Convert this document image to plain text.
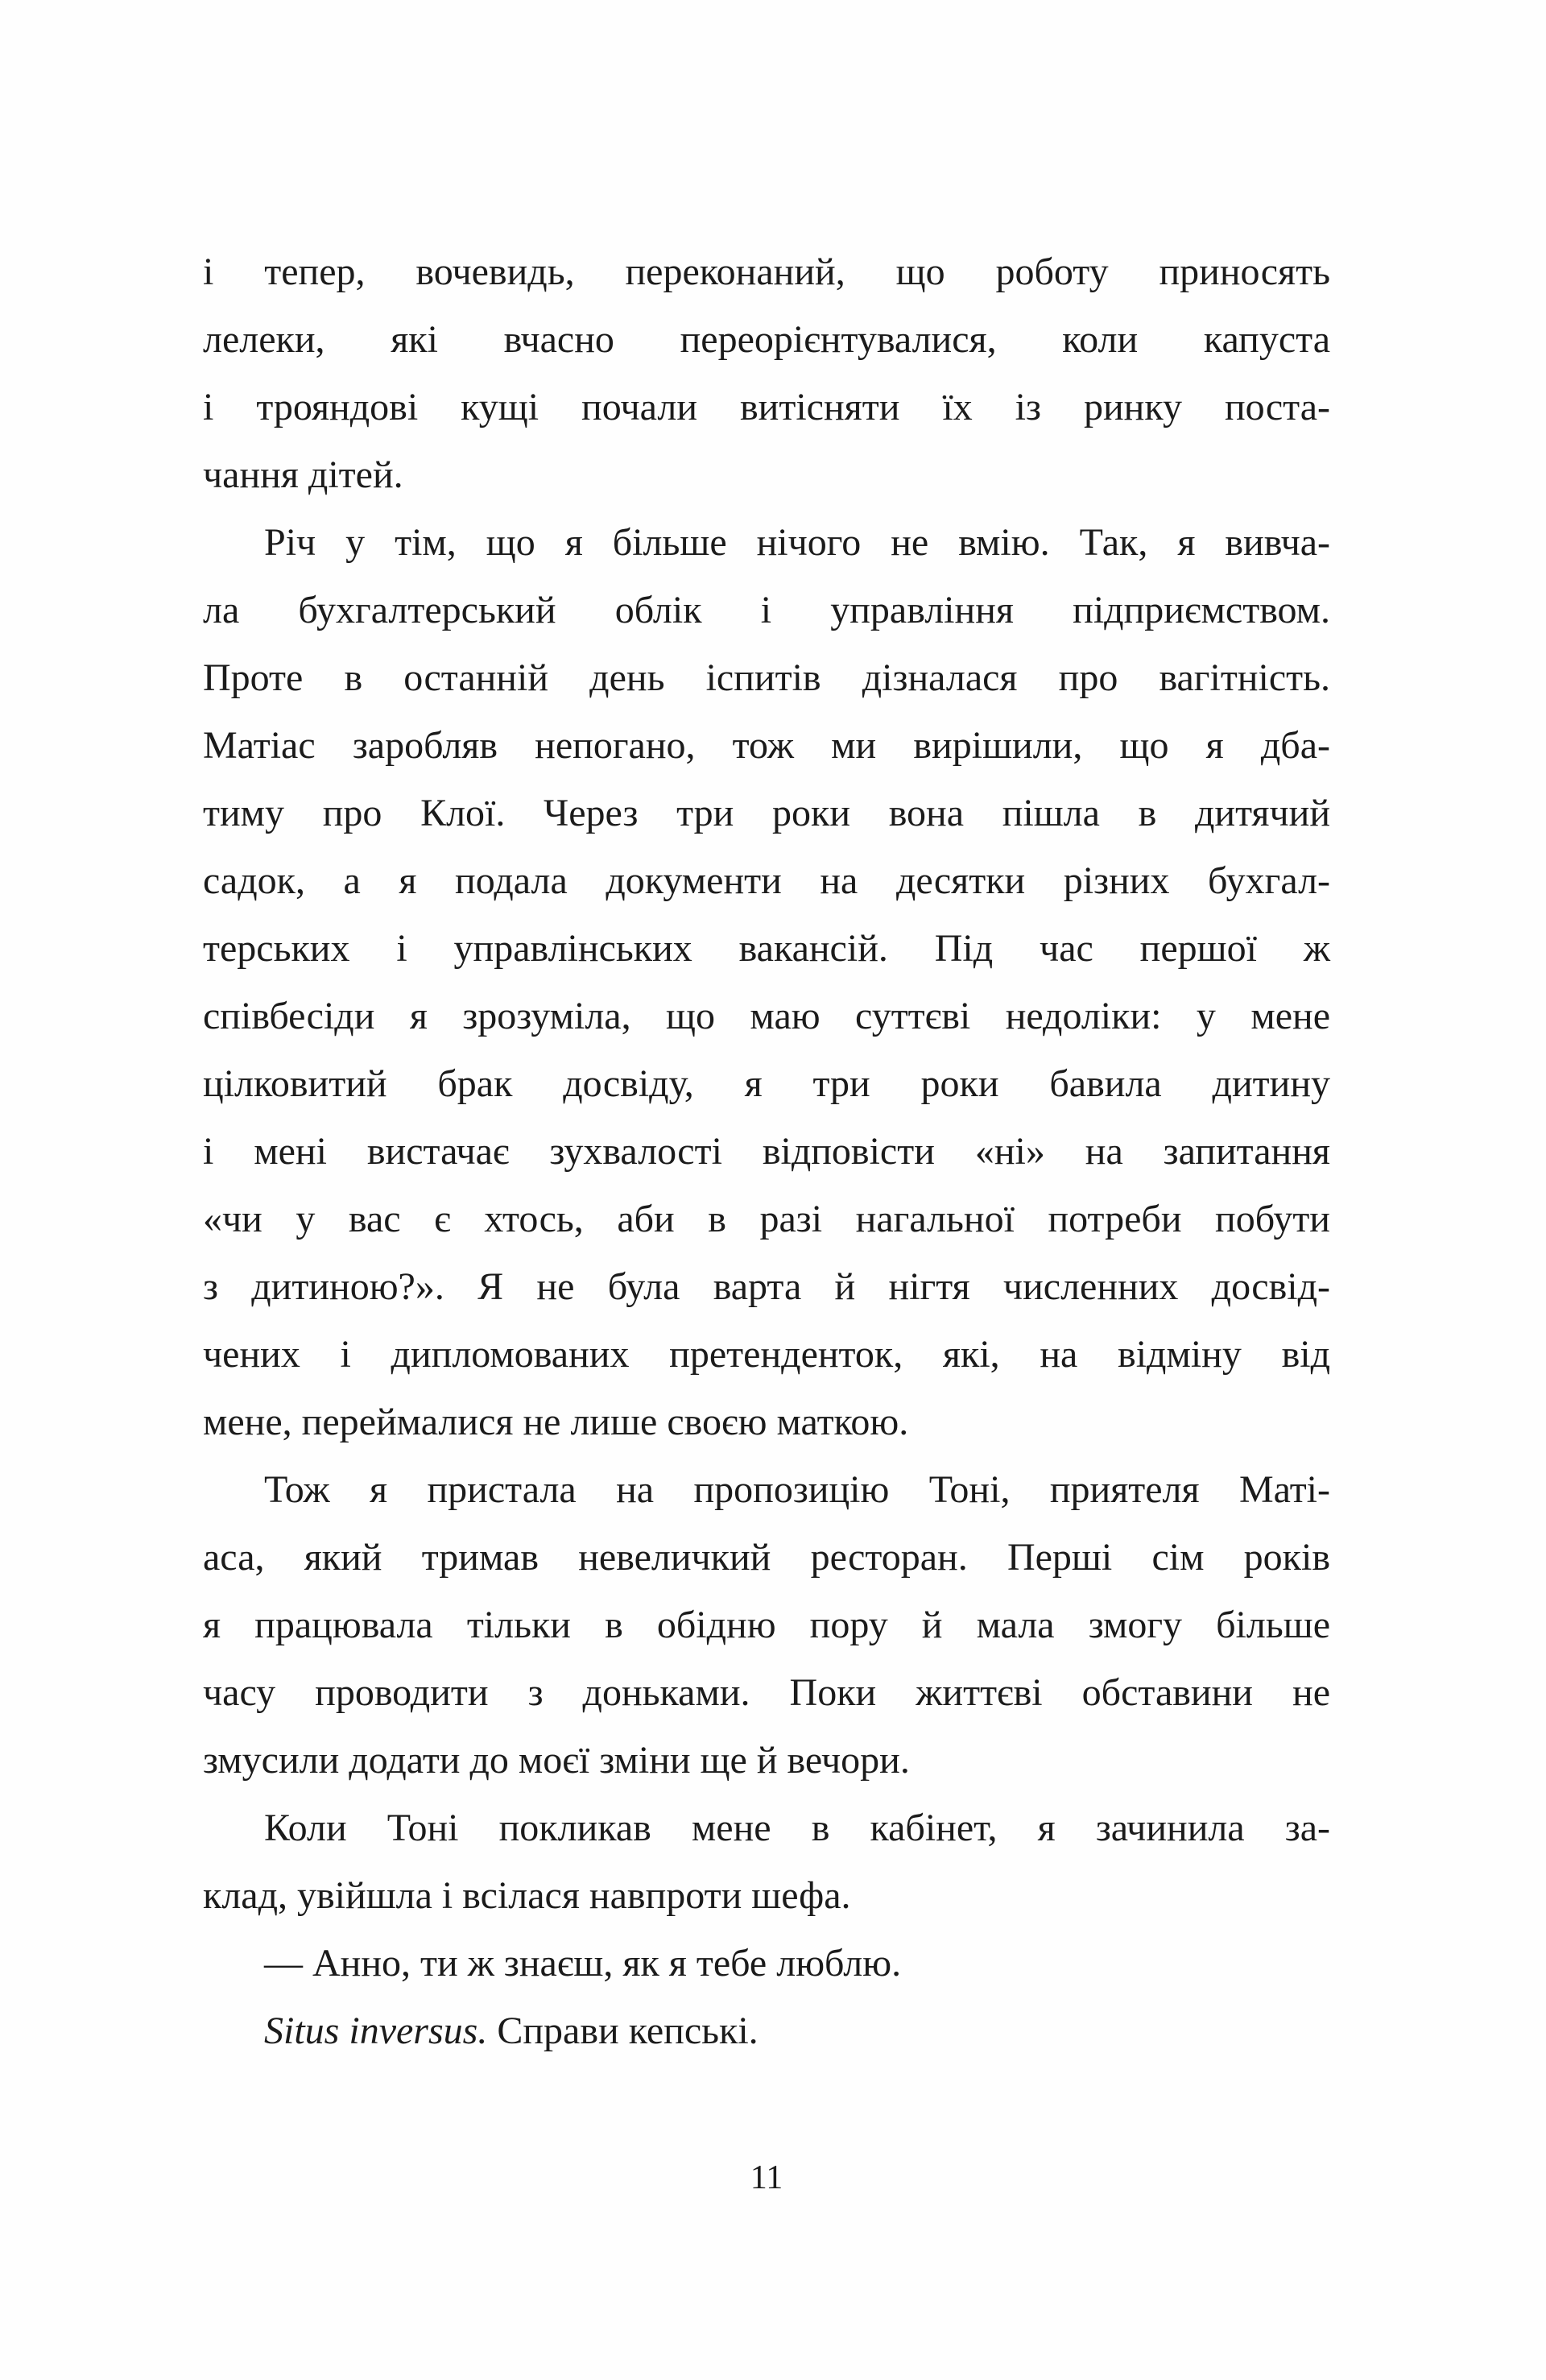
і тепер, вочевидь, переконаний, що роботу приносять
лелеки, які вчасно переорієнтувалися, коли капуста
і трояндові кущі почали витісняти їх із ринку поста-
чання дітей.
Річ у тім, що я більше нічого не вмію. Так, я вивча-
ла бухгалтерський облік і управління підприємством.
Проте в останній день іспитів дізналася про вагітність.
Матіас заробляв непогано, тож ми вирішили, що я дба-
тиму про Клої. Через три роки вона пішла в дитячий
садок, а я подала документи на десятки різних бухгал-
терських і управлінських вакансій. Під час першої ж
співбесіди я зрозуміла, що маю суттєві недоліки: у мене
цілковитий брак досвіду, я три роки бавила дитину
і мені вистачає зухвалості відповісти «ні» на запитання
«чи у вас є хтось, аби в разі нагальної потреби побути
з дитиною?». Я не була варта й нігтя численних досвід-
чених і дипломованих претенденток, які, на відміну від
мене, переймалися не лише своєю маткою.
Тож я пристала на пропозицію Тоні, приятеля Маті-
аса, який тримав невеличкий ресторан. Перші сім років
я працювала тільки в обідню пору й мала змогу більше
часу проводити з доньками. Поки життєві обставини не
змусили додати до моєї зміни ще й вечори.
Коли Тоні покликав мене в кабінет, я зачинила за-
клад, увійшла і всілася навпроти шефа.
— Анно, ти ж знаєш, як я тебе люблю.
Situs inversus. Справи кепські.
11
